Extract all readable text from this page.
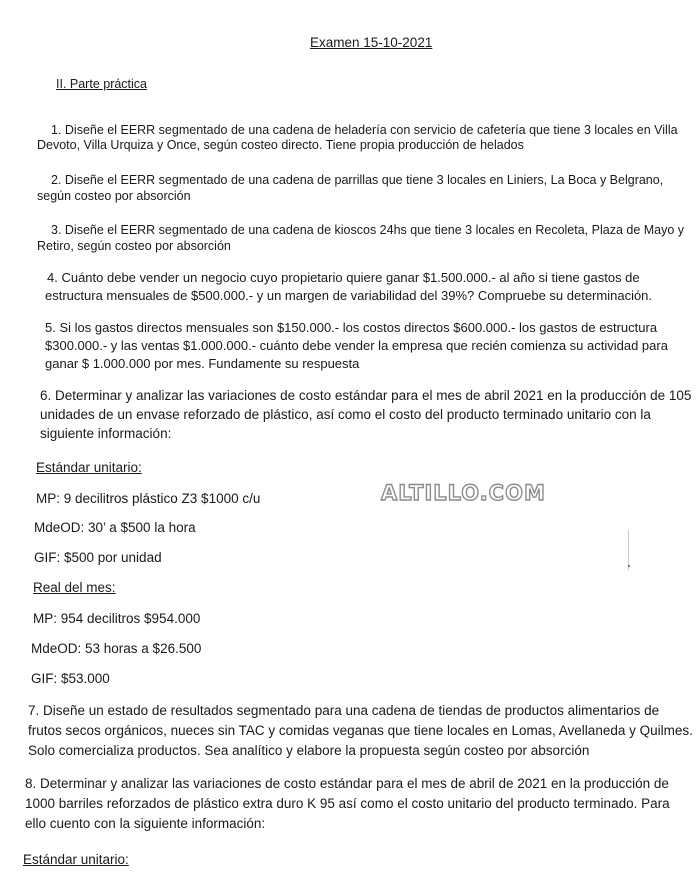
Examen 15-10-2021
II. Parte práctica
1. Diseñe el EERR segmentado de una cadena de heladería con servicio de cafetería que tiene 3 locales en Villa
Devoto, Villa Urquiza y Once, según costeo directo. Tiene propia producción de helados
2. Diseñe el EERR segmentado de una cadena de parrillas que tiene 3 locales en Liniers, La Boca y Belgrano,
según costeo por absorción
3. Diseñe el EERR segmentado de una cadena de kioscos 24hs que tiene 3 locales en Recoleta, Plaza de Mayo y
Retiro, según costeo por absorción
4. Cuánto debe vender un negocio cuyo propietario quiere ganar $1.500.000.- al año si tiene gastos de
estructura mensuales de $500.000.- y un margen de variabilidad del 39%? Compruebe su determinación.
5. Si los gastos directos mensuales son $150.000.- los costos directos $600.000.- los gastos de estructura
$300.000.- y las ventas $1.000.000.- cuánto debe vender la empresa que recién comienza su actividad para
ganar $ 1.000.000 por mes. Fundamente su respuesta
6. Determinar y analizar las variaciones de costo estándar para el mes de abril 2021 en la producción de 105
unidades de un envase reforzado de plástico, así como el costo del producto terminado unitario con la
siguiente información:
Estándar unitario:
MP: 9 decilitros plástico Z3 $1000 c/u
MdeOD: 30’ a $500 la hora
GIF: $500 por unidad
ALTILLO.COM
Real del mes:
MP: 954 decilitros $954.000
MdeOD: 53 horas a $26.500
GIF: $53.000
7. Diseñe un estado de resultados segmentado para una cadena de tiendas de productos alimentarios de
frutos secos orgánicos, nueces sin TAC y comidas veganas que tiene locales en Lomas, Avellaneda y Quilmes.
Solo comercializa productos. Sea analítico y elabore la propuesta según costeo por absorción
8. Determinar y analizar las variaciones de costo estándar para el mes de abril de 2021 en la producción de
1000 barriles reforzados de plástico extra duro K 95 así como el costo unitario del producto terminado. Para
ello cuento con la siguiente información:
Estándar unitario:
